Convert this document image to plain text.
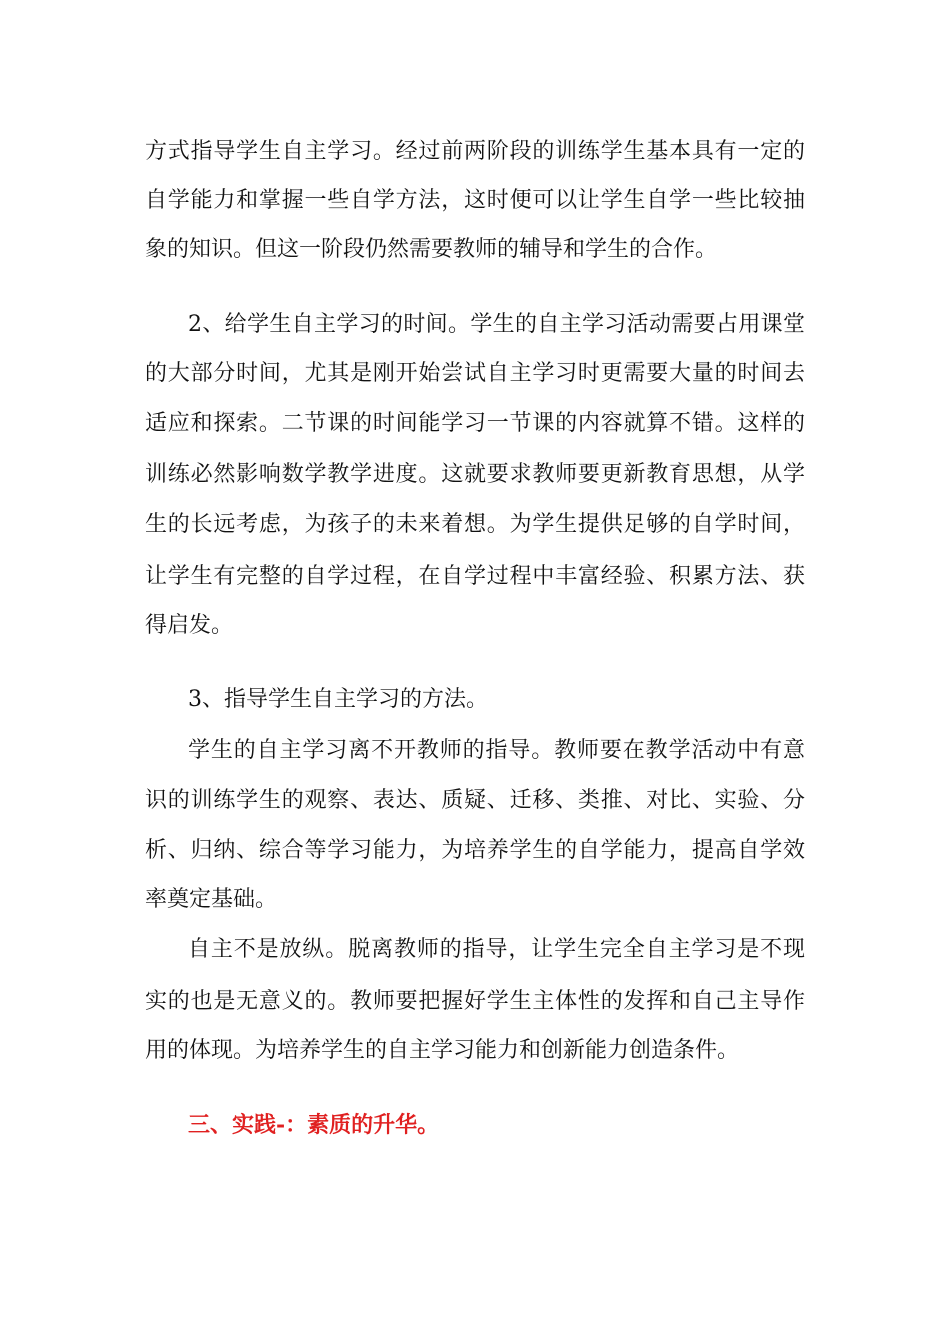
方式指导学生自主学习。经过前两阶段的训练学生基本具有一定的
自学能力和掌握一些自学方法，这时便可以让学生自学一些比较抽
象的知识。但这一阶段仍然需要教师的辅导和学生的合作。
2、给学生自主学习的时间。学生的自主学习活动需要占用课堂
的大部分时间，尤其是刚开始尝试自主学习时更需要大量的时间去
适应和探索。二节课的时间能学习一节课的内容就算不错。这样的
训练必然影响数学教学进度。这就要求教师要更新教育思想，从学
生的长远考虑，为孩子的未来着想。为学生提供足够的自学时间，
让学生有完整的自学过程，在自学过程中丰富经验、积累方法、获
得启发。
3、指导学生自主学习的方法。
学生的自主学习离不开教师的指导。教师要在教学活动中有意
识的训练学生的观察、表达、质疑、迁移、类推、对比、实验、分
析、归纳、综合等学习能力，为培养学生的自学能力，提高自学效
率奠定基础。
自主不是放纵。脱离教师的指导，让学生完全自主学习是不现
实的也是无意义的。教师要把握好学生主体性的发挥和自己主导作
用的体现。为培养学生的自主学习能力和创新能力创造条件。
三、实践-：素质的升华。
